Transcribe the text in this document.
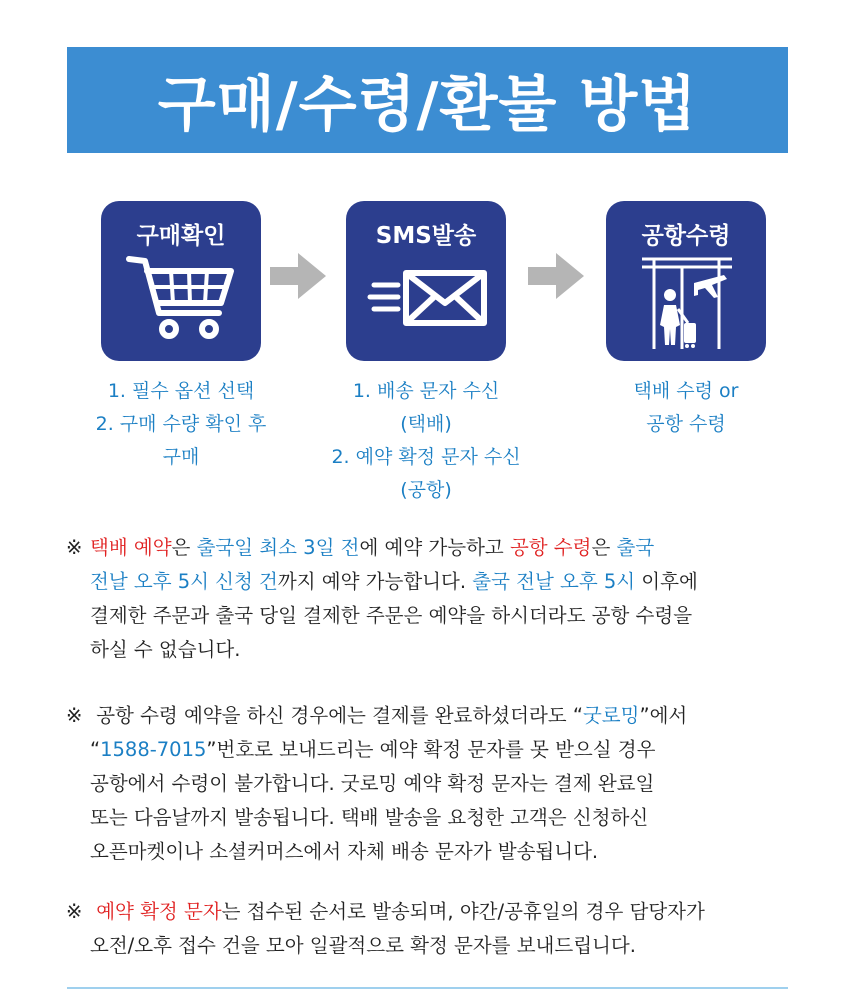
구매/수령/환불 방법
구매확인
1. 필수 옵션 선택
2. 구매 수량 확인 후
구매
SMS발송
1. 배송 문자 수신
(택배)
2. 예약 확정 문자 수신
(공항)
공항수령
택배 수령 or
공항 수령
※ 택배 예약은 출국일 최소 3일 전에 예약 가능하고 공항 수령은 출국
전날 오후 5시 신청 건까지 예약 가능합니다. 출국 전날 오후 5시 이후에
결제한 주문과 출국 당일 결제한 주문은 예약을 하시더라도 공항 수령을
하실 수 없습니다.
※ 공항 수령 예약을 하신 경우에는 결제를 완료하셨더라도 “굿로밍”에서
“1588-7015”번호로 보내드리는 예약 확정 문자를 못 받으실 경우
공항에서 수령이 불가합니다. 굿로밍 예약 확정 문자는 결제 완료일
또는 다음날까지 발송됩니다. 택배 발송을 요청한 고객은 신청하신
오픈마켓이나 소셜커머스에서 자체 배송 문자가 발송됩니다.
※ 예약 확정 문자는 접수된 순서로 발송되며, 야간/공휴일의 경우 담당자가
오전/오후 접수 건을 모아 일괄적으로 확정 문자를 보내드립니다.
